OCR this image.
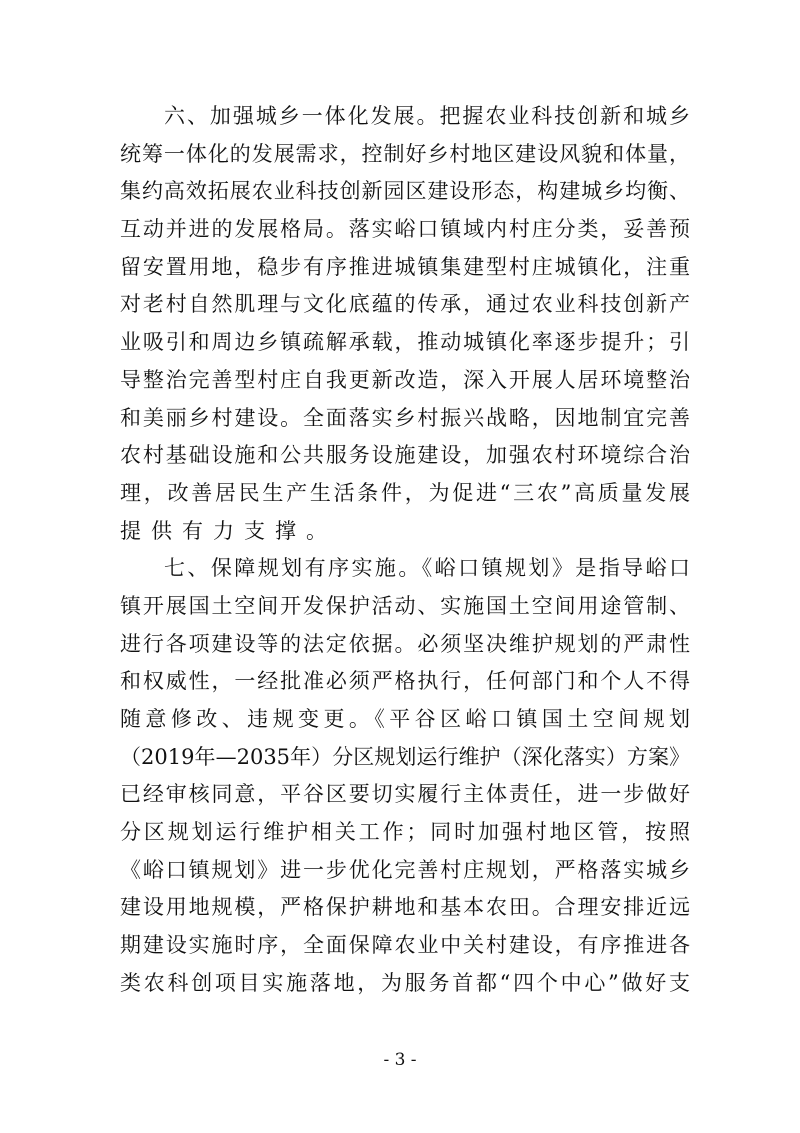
六、加强城乡一体化发展。把握农业科技创新和城乡
统筹一体化的发展需求，控制好乡村地区建设风貌和体量，
集约高效拓展农业科技创新园区建设形态，构建城乡均衡、
互动并进的发展格局。落实峪口镇域内村庄分类，妥善预
留安置用地，稳步有序推进城镇集建型村庄城镇化，注重
对老村自然肌理与文化底蕴的传承，通过农业科技创新产
业吸引和周边乡镇疏解承载，推动城镇化率逐步提升；引
导整治完善型村庄自我更新改造，深入开展人居环境整治
和美丽乡村建设。全面落实乡村振兴战略，因地制宜完善
农村基础设施和公共服务设施建设，加强农村环境综合治
理，改善居民生产生活条件，为促进“三农”高质量发展
提供有力支撑。
七、保障规划有序实施。《峪口镇规划》是指导峪口
镇开展国土空间开发保护活动、实施国土空间用途管制、
进行各项建设等的法定依据。必须坚决维护规划的严肃性
和权威性，一经批准必须严格执行，任何部门和个人不得
随意修改、违规变更。《平谷区峪口镇国土空间规划
（2019年—2035年）分区规划运行维护（深化落实）方案》
已经审核同意，平谷区要切实履行主体责任，进一步做好
分区规划运行维护相关工作；同时加强村地区管，按照
《峪口镇规划》进一步优化完善村庄规划，严格落实城乡
建设用地规模，严格保护耕地和基本农田。合理安排近远
期建设实施时序，全面保障农业中关村建设，有序推进各
类农科创项目实施落地，为服务首都“四个中心”做好支
- 3 -
